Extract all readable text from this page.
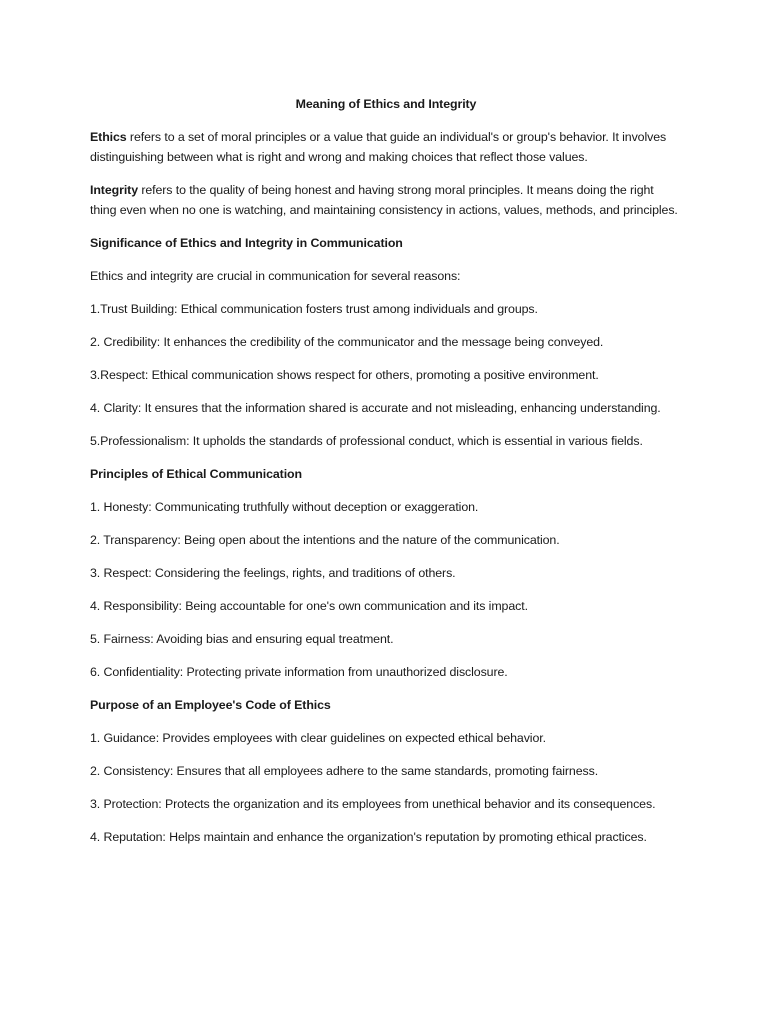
Meaning of Ethics and Integrity

Ethics refers to a set of moral principles or a value that guide an individual's or group's behavior. It involves distinguishing between what is right and wrong and making choices that reflect those values.

Integrity refers to the quality of being honest and having strong moral principles. It means doing the right thing even when no one is watching, and maintaining consistency in actions, values, methods, and principles.

Significance of Ethics and Integrity in Communication

Ethics and integrity are crucial in communication for several reasons:

1.Trust Building: Ethical communication fosters trust among individuals and groups.

2. Credibility: It enhances the credibility of the communicator and the message being conveyed.

3.Respect: Ethical communication shows respect for others, promoting a positive environment.

4. Clarity: It ensures that the information shared is accurate and not misleading, enhancing understanding.

5.Professionalism: It upholds the standards of professional conduct, which is essential in various fields.

Principles of Ethical Communication

1. Honesty: Communicating truthfully without deception or exaggeration.

2. Transparency: Being open about the intentions and the nature of the communication.

3. Respect: Considering the feelings, rights, and traditions of others.

4. Responsibility: Being accountable for one's own communication and its impact.

5. Fairness: Avoiding bias and ensuring equal treatment.

6. Confidentiality: Protecting private information from unauthorized disclosure.

Purpose of an Employee's Code of Ethics

1. Guidance: Provides employees with clear guidelines on expected ethical behavior.

2. Consistency: Ensures that all employees adhere to the same standards, promoting fairness.

3. Protection: Protects the organization and its employees from unethical behavior and its consequences.

4. Reputation: Helps maintain and enhance the organization's reputation by promoting ethical practices.
